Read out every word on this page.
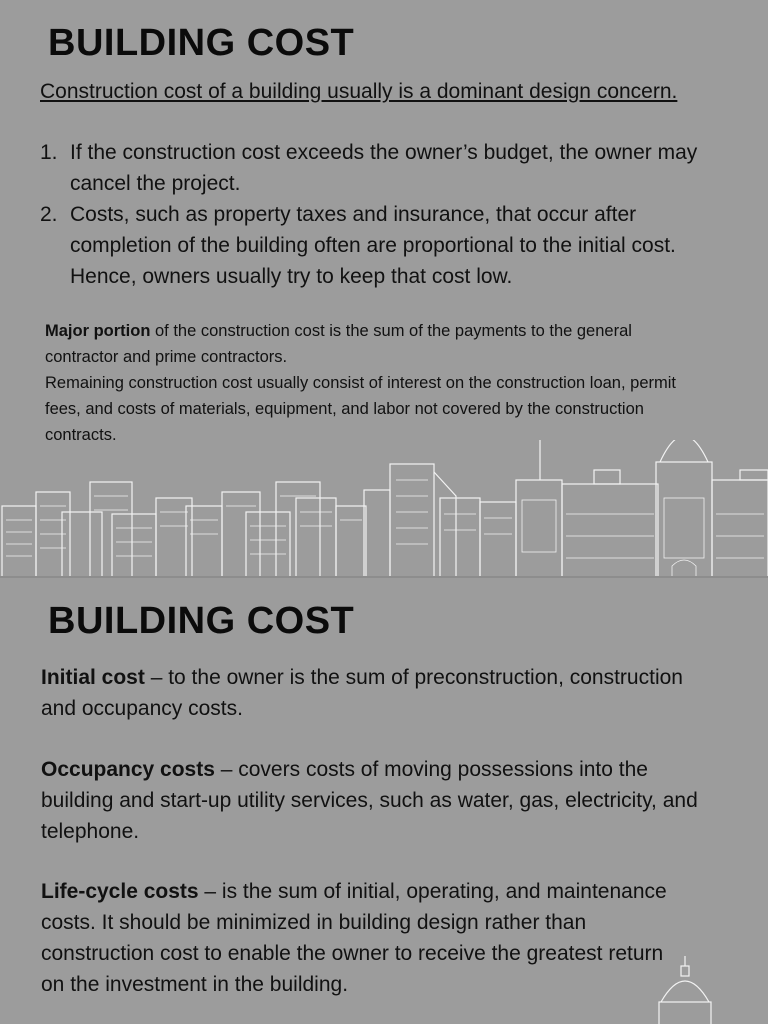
BUILDING COST

Construction cost of a building usually is a dominant design concern.

1. If the construction cost exceeds the owner’s budget, the owner may cancel the project.
2. Costs, such as property taxes and insurance, that occur after completion of the building often are proportional to the initial cost. Hence, owners usually try to keep that cost low.
Major portion of the construction cost is the sum of the payments to the general contractor and prime contractors.
Remaining construction cost usually consist of interest on the construction loan, permit fees, and costs of materials, equipment, and labor not covered by the construction contracts.
BUILDING COST

Initial cost – to the owner is the sum of preconstruction, construction and occupancy costs.

Occupancy costs – covers costs of moving possessions into the building and start-up utility services, such as water, gas, electricity, and telephone.

Life-cycle costs – is the sum of initial, operating, and maintenance costs. It should be minimized in building design rather than construction cost to enable the owner to receive the greatest return on the investment in the building.
